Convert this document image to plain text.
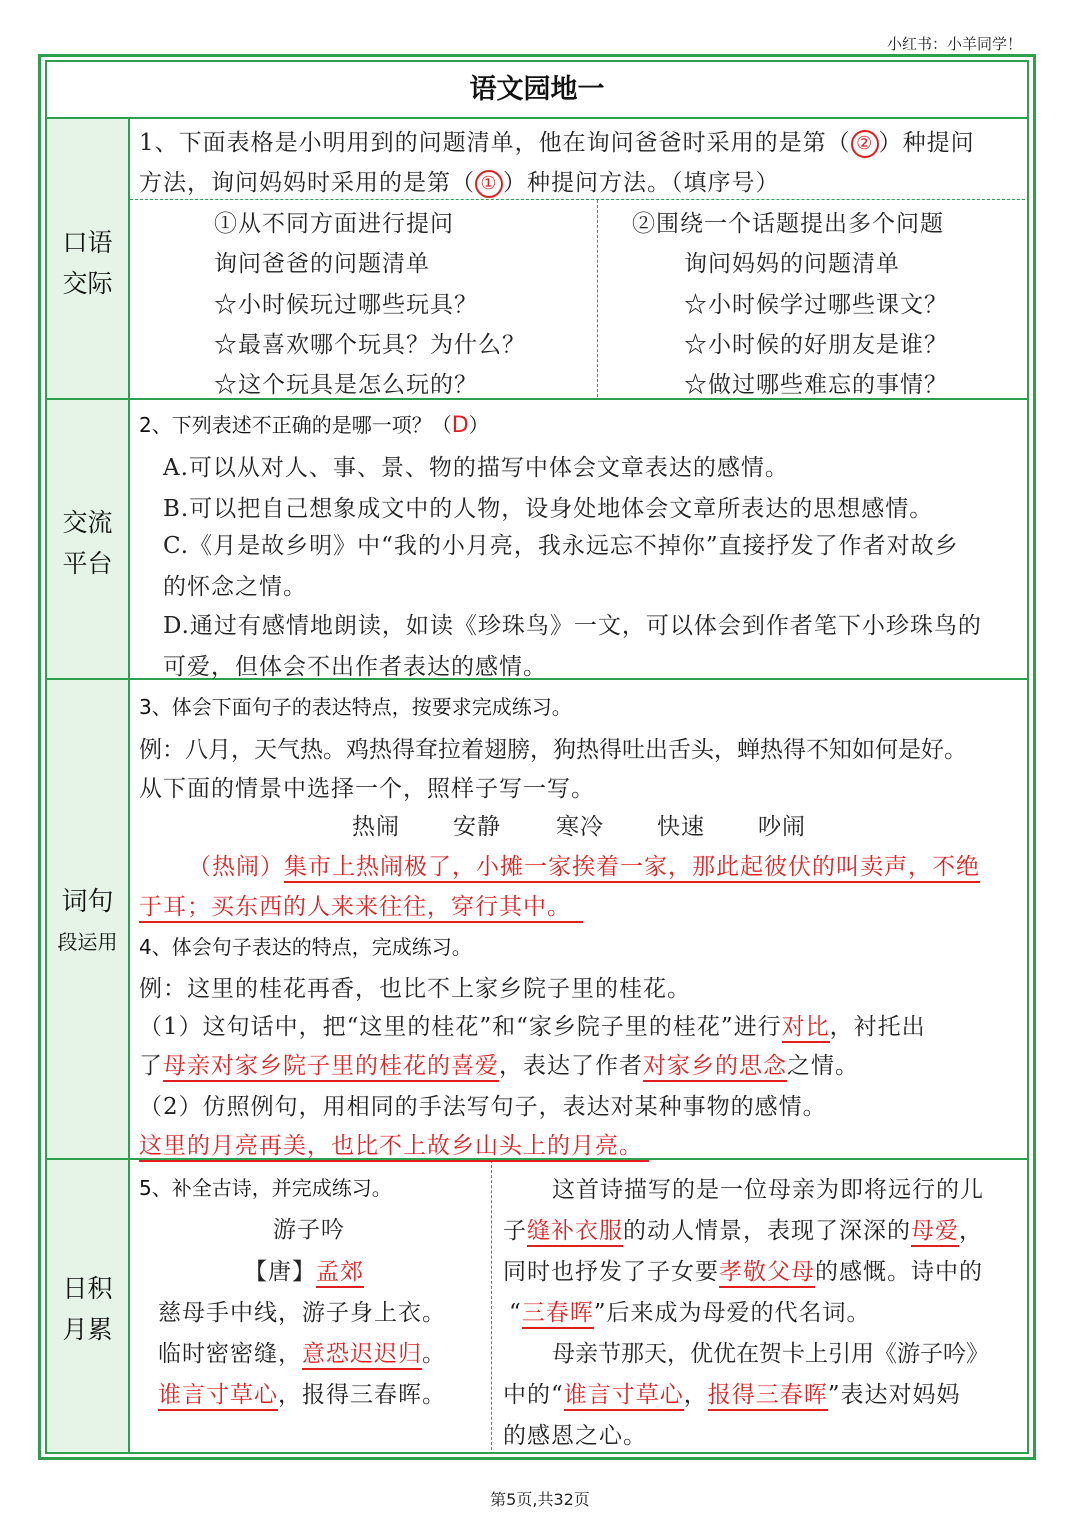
小红书：小羊同学！
语文园地一
口语
交际
交流
平台
词句
段运用
日积
月累
1、下面表格是小明用到的问题清单，他在询问爸爸时采用的是第（ ② ）种提问
方法，询问妈妈时采用的是第（ ① ）种提问方法。（填序号）
①从不同方面进行提问
询问爸爸的问题清单
☆小时候玩过哪些玩具？
☆最喜欢哪个玩具？为什么？
☆这个玩具是怎么玩的？
②围绕一个话题提出多个问题
询问妈妈的问题清单
☆小时候学过哪些课文？
☆小时候的好朋友是谁？
☆做过哪些难忘的事情？
2、下列表述不正确的是哪一项？（D）
A.可以从对人、事、景、物的描写中体会文章表达的感情。
B.可以把自己想象成文中的人物，设身处地体会文章所表达的思想感情。
C.《月是故乡明》中“我的小月亮，我永远忘不掉你”直接抒发了作者对故乡
的怀念之情。
D.通过有感情地朗读，如读《珍珠鸟》一文，可以体会到作者笔下小珍珠鸟的
可爱，但体会不出作者表达的感情。
3、体会下面句子的表达特点，按要求完成练习。
例：八月，天气热。鸡热得耷拉着翅膀，狗热得吐出舌头，蝉热得不知如何是好。
从下面的情景中选择一个，照样子写一写。
热闹 安静 寒冷 快速 吵闹
（热闹）集市上热闹极了，小摊一家挨着一家，那此起彼伏的叫卖声，不绝
于耳；买东西的人来来往往，穿行其中。
4、体会句子表达的特点，完成练习。
例：这里的桂花再香，也比不上家乡院子里的桂花。
（1）这句话中，把“这里的桂花”和“家乡院子里的桂花”进行对比，衬托出
了母亲对家乡院子里的桂花的喜爱，表达了作者对家乡的思念之情。
（2）仿照例句，用相同的手法写句子，表达对某种事物的感情。
这里的月亮再美，也比不上故乡山头上的月亮。
5、补全古诗，并完成练习。
游子吟
【唐】孟郊
慈母手中线，游子身上衣。
临时密密缝，意恐迟迟归。
谁言寸草心，报得三春晖。
这首诗描写的是一位母亲为即将远行的儿
子缝补衣服的动人情景，表现了深深的母爱，
同时也抒发了子女要孝敬父母的感慨。诗中的
“三春晖”后来成为母爱的代名词。
母亲节那天，优优在贺卡上引用《游子吟》
中的“谁言寸草心，报得三春晖”表达对妈妈
的感恩之心。
第5页,共32页
